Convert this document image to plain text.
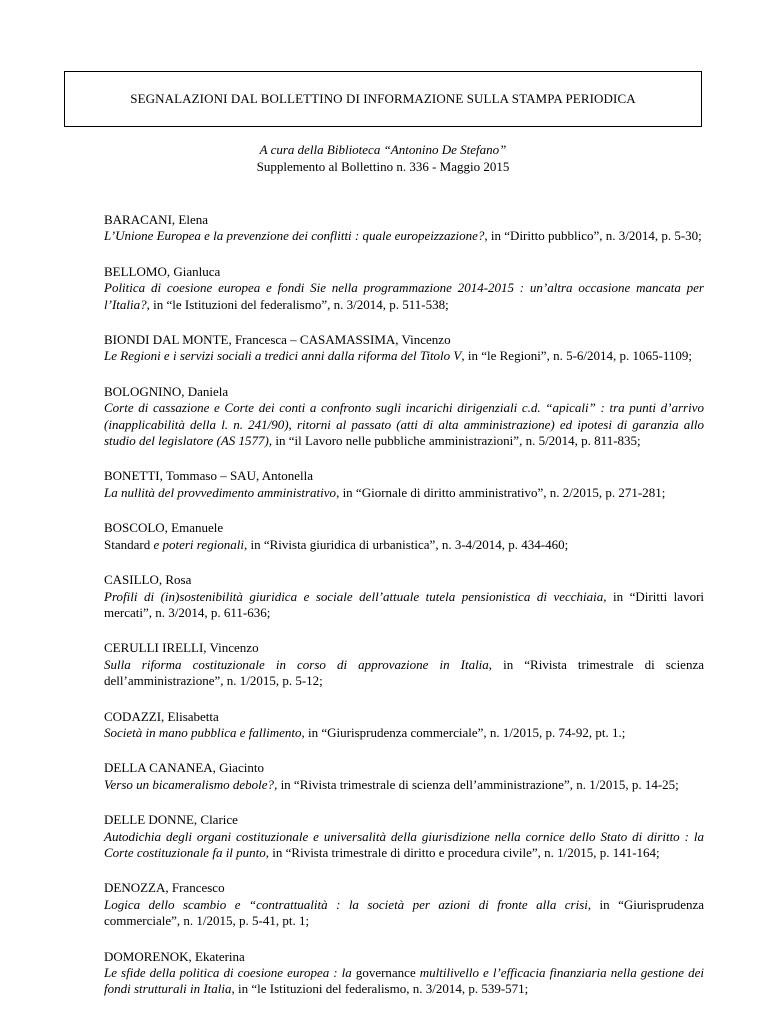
SEGNALAZIONI DAL BOLLETTINO DI INFORMAZIONE SULLA STAMPA PERIODICA
A cura della Biblioteca “Antonino De Stefano”
Supplemento al Bollettino n. 336 - Maggio 2015
BARACANI, Elena
L’Unione Europea e la prevenzione dei conflitti : quale europeizzazione?, in “Diritto pubblico”, n. 3/2014, p. 5-30;
BELLOMO, Gianluca
Politica di coesione europea e fondi Sie nella programmazione 2014-2015 : un’altra occasione mancata per l’Italia?, in “le Istituzioni del federalismo”, n. 3/2014, p. 511-538;
BIONDI DAL MONTE, Francesca – CASAMASSIMA, Vincenzo
Le Regioni e i servizi sociali a tredici anni dalla riforma del Titolo V, in “le Regioni”, n. 5-6/2014, p. 1065-1109;
BOLOGNINO, Daniela
Corte di cassazione e Corte dei conti a confronto sugli incarichi dirigenziali c.d. “apicali” : tra punti d’arrivo (inapplicabilità della l. n. 241/90), ritorni al passato (atti di alta amministrazione) ed ipotesi di garanzia allo studio del legislatore (AS 1577), in “il Lavoro nelle pubbliche amministrazioni”, n. 5/2014, p. 811-835;
BONETTI, Tommaso – SAU, Antonella
La nullità del provvedimento amministrativo, in “Giornale di diritto amministrativo”, n. 2/2015, p. 271-281;
BOSCOLO, Emanuele
Standard e poteri regionali, in “Rivista giuridica di urbanistica”, n. 3-4/2014, p. 434-460;
CASILLO, Rosa
Profili di (in)sostenibilità giuridica e sociale dell’attuale tutela pensionistica di vecchiaia, in “Diritti lavori mercati”, n. 3/2014, p. 611-636;
CERULLI IRELLI, Vincenzo
Sulla riforma costituzionale in corso di approvazione in Italia, in “Rivista trimestrale di scienza dell’amministrazione”, n. 1/2015, p. 5-12;
CODAZZI, Elisabetta
Società in mano pubblica e fallimento, in “Giurisprudenza commerciale”, n. 1/2015, p. 74-92, pt. 1.;
DELLA CANANEA, Giacinto
Verso un bicameralismo debole?, in “Rivista trimestrale di scienza dell’amministrazione”, n. 1/2015, p. 14-25;
DELLE DONNE, Clarice
Autodichia degli organi costituzionale e universalità della giurisdizione nella cornice dello Stato di diritto : la Corte costituzionale fa il punto, in “Rivista trimestrale di diritto e procedura civile”, n. 1/2015, p. 141-164;
DENOZZA, Francesco
Logica dello scambio e “contrattualità : la società per azioni di fronte alla crisi, in “Giurisprudenza commerciale”, n. 1/2015, p. 5-41, pt. 1;
DOMORENOK, Ekaterina
Le sfide della politica di coesione europea : la governance multilivello e l’efficacia finanziaria nella gestione dei fondi strutturali in Italia, in “le Istituzioni del federalismo, n. 3/2014, p. 539-571;
